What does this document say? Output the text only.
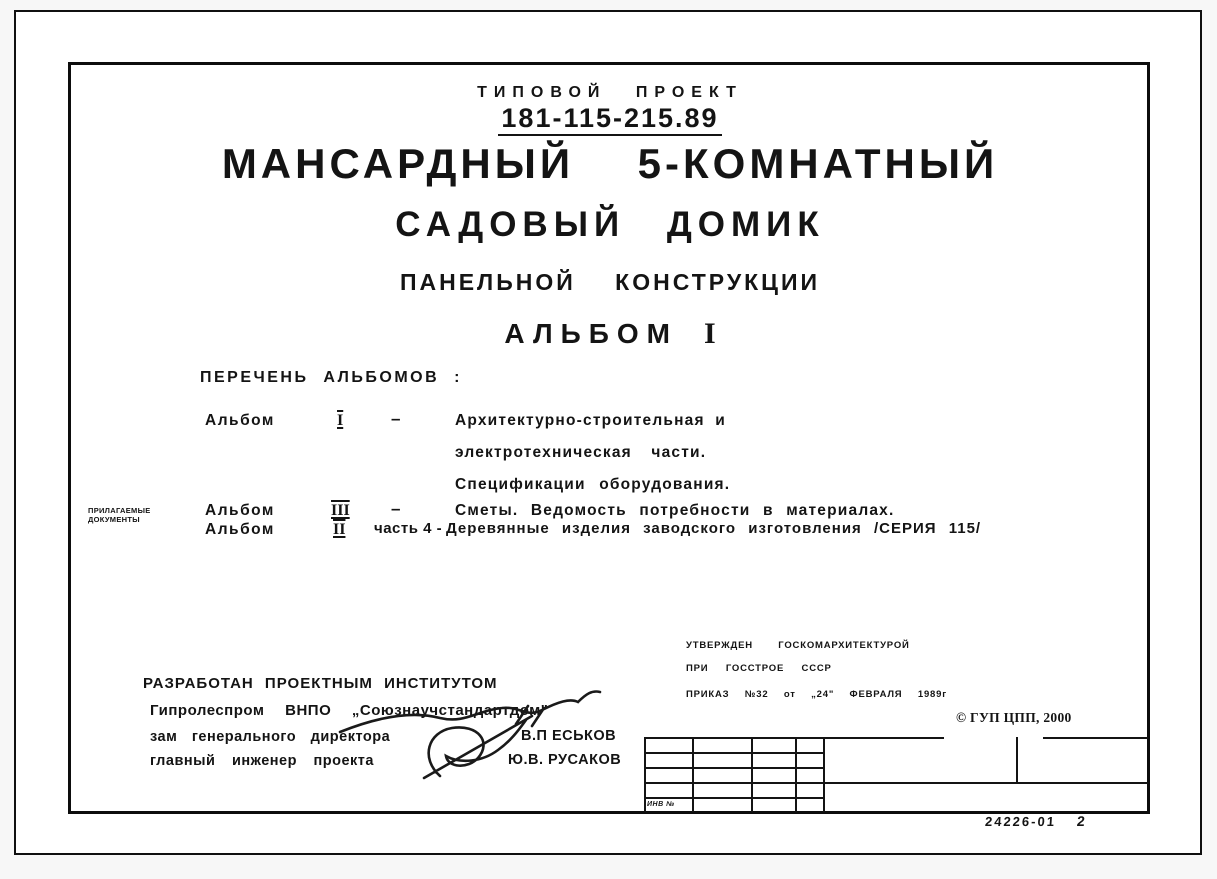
ТИПОВОЙ ПРОЕКТ
181-115-215.89
МАНСАРДНЫЙ 5-КОМНАТНЫЙ
САДОВЫЙ ДОМИК
ПАНЕЛЬНОЙ КОНСТРУКЦИИ
АЛЬБОМ I
ПЕРЕЧЕНЬ АЛЬБОМОВ :
Альбом	I	–	Архитектурно-строительная и
электротехническая части.
Спецификации оборудования.
Альбом	III –	Сметы. Ведомость потребности в материалах.
Альбом	II часть 4 - Деревянные изделия заводского изготовления /СЕРИЯ 115/
ПРИЛАГАЕМЫЕ
ДОКУМЕНТЫ
РАЗРАБОТАН ПРОЕКТНЫМ ИНСТИТУТОМ
Гипролеспром ВНПО „Союзнаучстандартдом"
зам генерального директора	В.П ЕСЬКОВ
главный инженер проекта	Ю.В. РУСАКОВ
УТВЕРЖДЕН ГОСКОМАРХИТЕКТУРОЙ
ПРИ ГОССТРОЕ СССР
ПРИКАЗ №32 от „24" ФЕВРАЛЯ 1989г
© ГУП ЦПП, 2000
ИНВ №
24226-01 2
